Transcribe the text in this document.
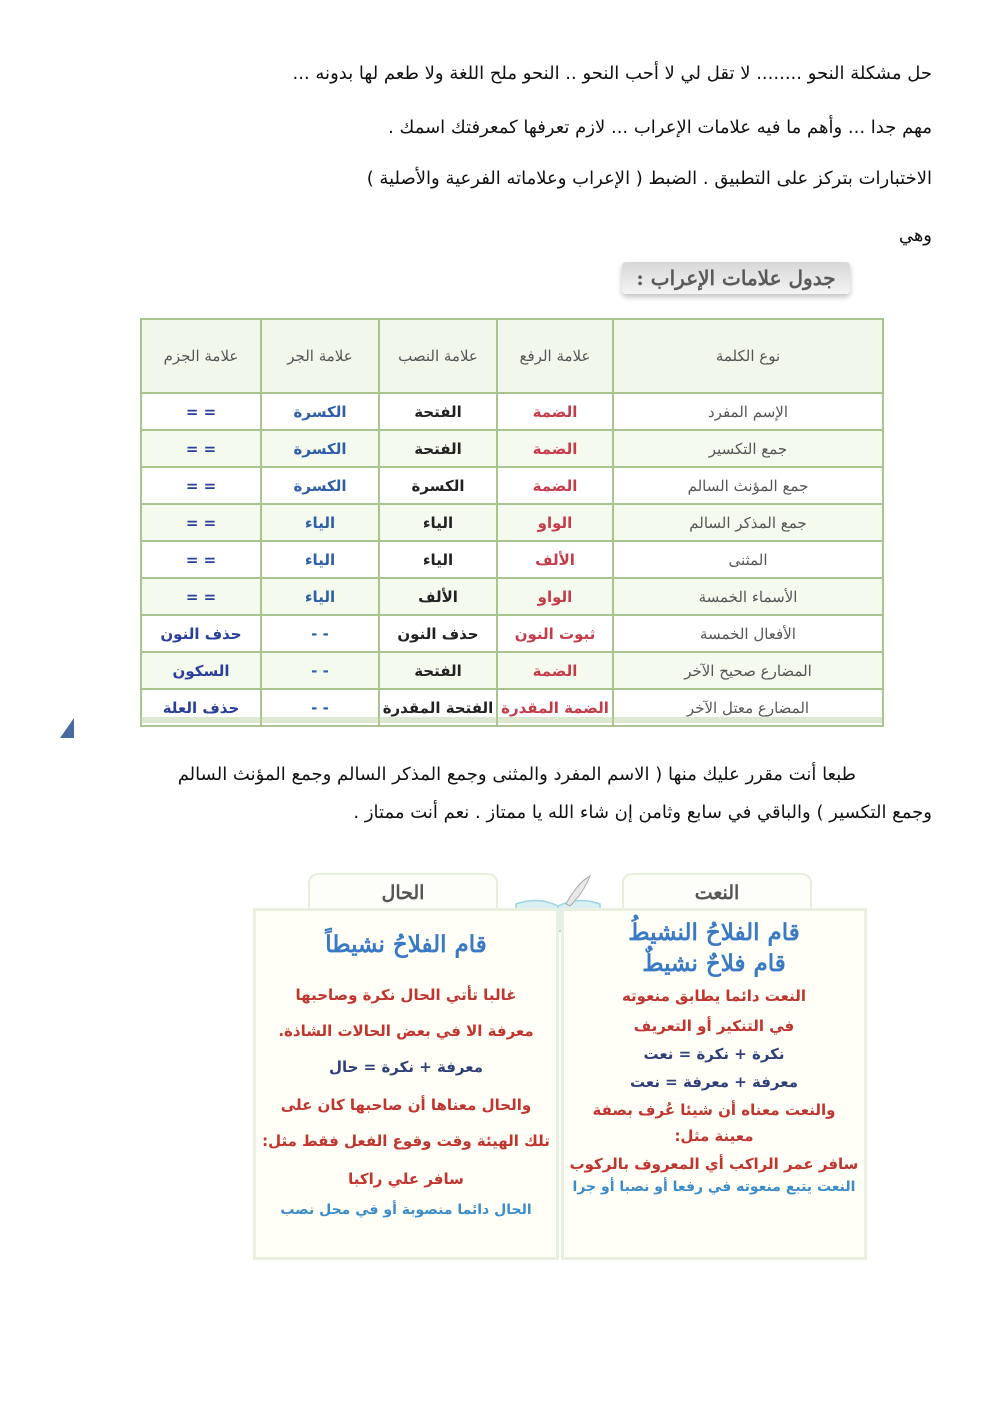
حل مشكلة النحو ........ لا تقل لي لا أحب النحو .. النحو ملح اللغة ولا طعم لها بدونه ...
مهم جدا ... وأهم ما فيه علامات الإعراب ... لازم تعرفها كمعرفتك اسمك .
الاختبارات بتركز على التطبيق . الضبط ( الإعراب وعلاماته الفرعية والأصلية )
وهي
جدول علامات الإعراب :
نوع الكلمة	علامة الرفع	علامة النصب	علامة الجر	علامة الجزم
الإسم المفرد	الضمة	الفتحة	الكسرة	= =
جمع التكسير	الضمة	الفتحة	الكسرة	= =
جمع المؤنث السالم	الضمة	الكسرة	الكسرة	= =
جمع المذكر السالم	الواو	الياء	الياء	= =
المثنى	الألف	الياء	الياء	= =
الأسماء الخمسة	الواو	الألف	الياء	= =
الأفعال الخمسة	ثبوت النون	حذف النون	- -	حذف النون
المضارع صحيح الآخر	الضمة	الفتحة	- -	السكون
المضارع معتل الآخر	الضمة المقدرة	الفتحة المقدرة	- -	حذف العلة
طبعا أنت مقرر عليك منها ( الاسم المفرد والمثنى وجمع المذكر السالم وجمع المؤنث السالم
وجمع التكسير ) والباقي في سابع وثامن إن شاء الله يا ممتاز . نعم أنت ممتاز .
النعت
الحال
قام الفلاحُ النشيطُ
قام فلاحٌ نشيطٌ
النعت دائما يطابق منعوته
في التنكير أو التعريف
نكرة + نكرة = نعت
معرفة + معرفة = نعت
والنعت معناه أن شيئا عُرف بصفة
معينة مثل:
سافر عمر الراكب أي المعروف بالركوب
النعت يتبع منعوته في رفعا أو نصبا أو جرا
قام الفلاحُ نشيطاً
غالبا تأتي الحال نكرة وصاحبها
معرفة الا في بعض الحالات الشاذة.
معرفة + نكرة = حال
والحال معناها أن صاحبها كان على
تلك الهيئة وقت وقوع الفعل فقط مثل:
سافر علي راكبا
الحال دائما منصوبة أو في محل نصب
